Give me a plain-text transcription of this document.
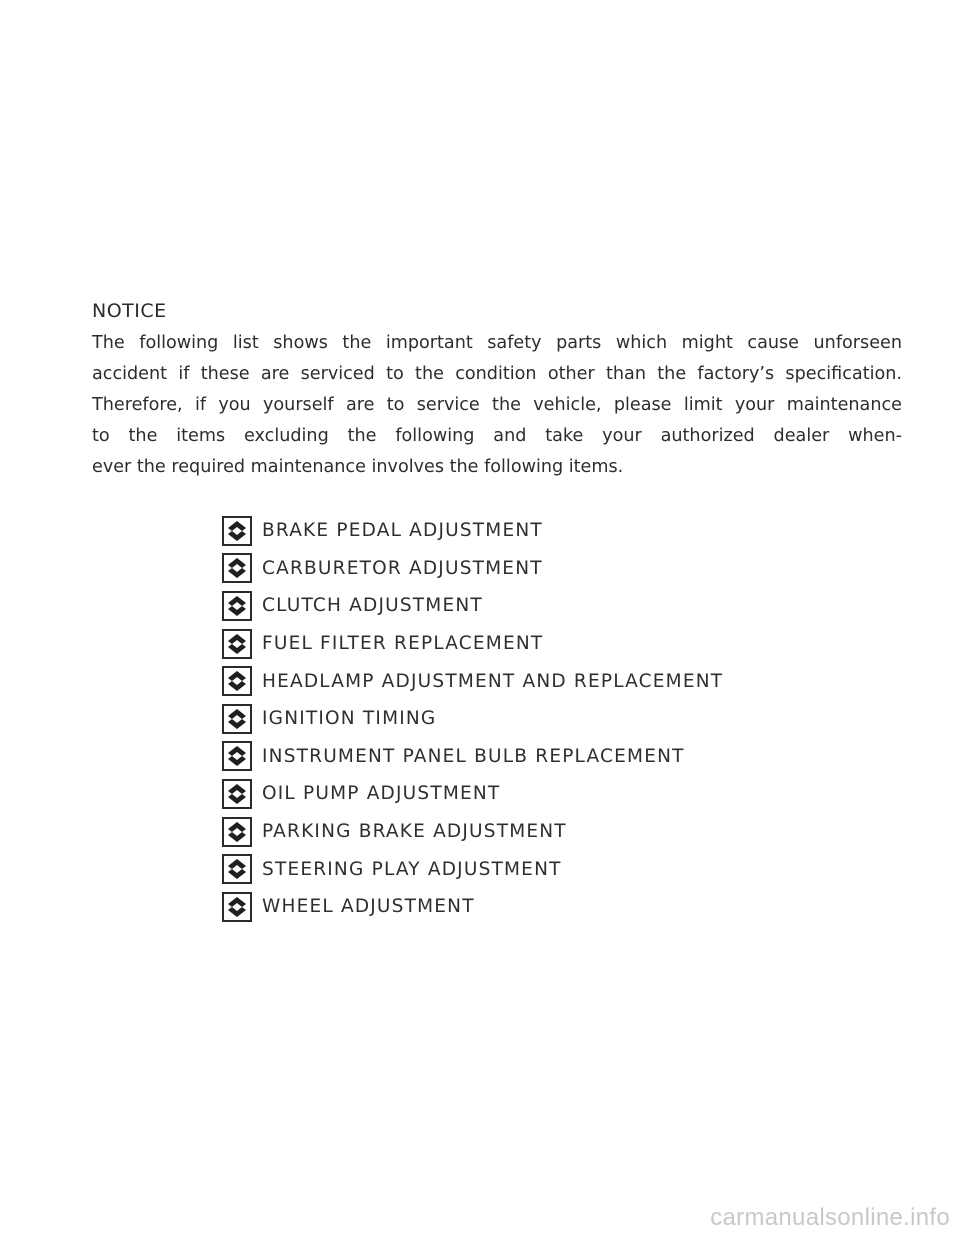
NOTICE
The following list shows the important safety parts which might cause unforseen
accident if these are serviced to the condition other than the factory’s specification.
Therefore, if you yourself are to service the vehicle, please limit your maintenance
to the items excluding the following and take your authorized dealer when-
ever the required maintenance involves the following items.
BRAKE PEDAL ADJUSTMENT
CARBURETOR ADJUSTMENT
CLUTCH ADJUSTMENT
FUEL FILTER REPLACEMENT
HEADLAMP ADJUSTMENT AND REPLACEMENT
IGNITION TIMING
INSTRUMENT PANEL BULB REPLACEMENT
OIL PUMP ADJUSTMENT
PARKING BRAKE ADJUSTMENT
STEERING PLAY ADJUSTMENT
WHEEL ADJUSTMENT
carmanualsonline.info
